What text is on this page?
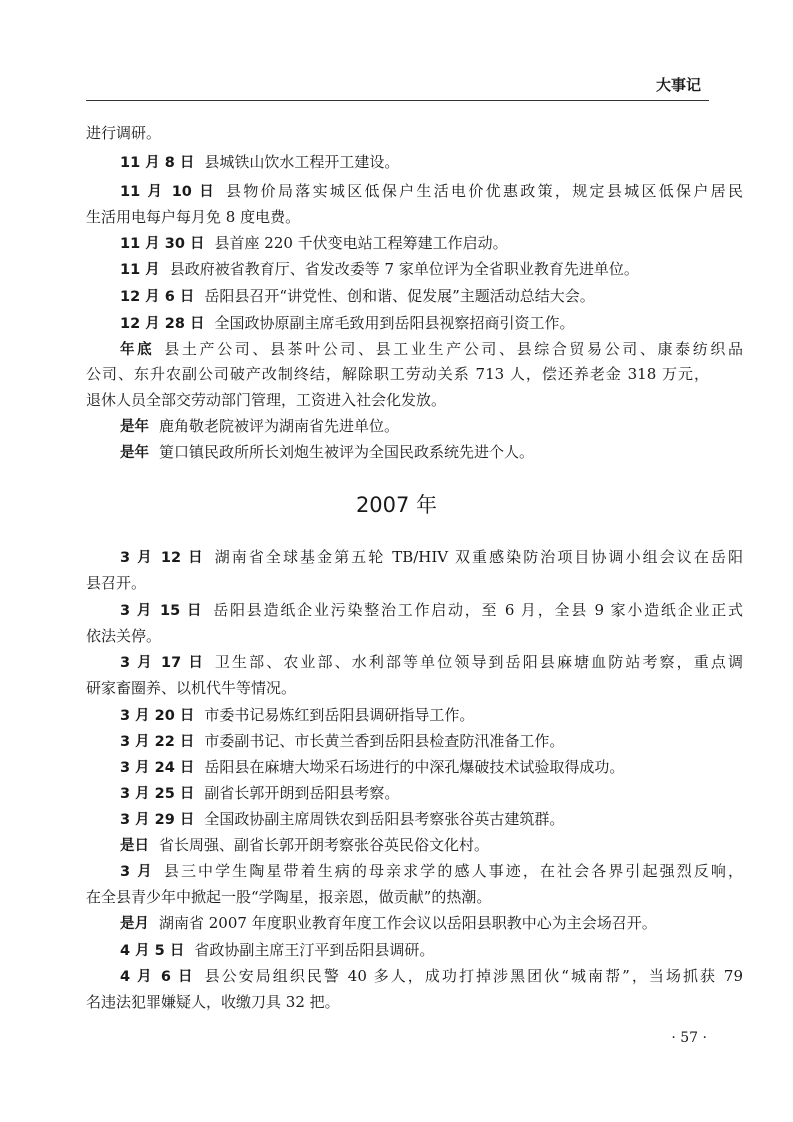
大事记
进行调研。
11 月 8 日 县城铁山饮水工程开工建设。
11 月 10 日 县物价局落实城区低保户生活电价优惠政策，规定县城区低保户居民
生活用电每户每月免 8 度电费。
11 月 30 日 县首座 220 千伏变电站工程筹建工作启动。
11 月 县政府被省教育厅、省发改委等 7 家单位评为全省职业教育先进单位。
12 月 6 日 岳阳县召开“讲党性、创和谐、促发展”主题活动总结大会。
12 月 28 日 全国政协原副主席毛致用到岳阳县视察招商引资工作。
年底 县土产公司、县茶叶公司、县工业生产公司、县综合贸易公司、康泰纺织品
公司、东升农副公司破产改制终结，解除职工劳动关系 713 人，偿还养老金 318 万元，
退休人员全部交劳动部门管理，工资进入社会化发放。
是年 鹿角敬老院被评为湖南省先进单位。
是年 筻口镇民政所所长刘炮生被评为全国民政系统先进个人。
3 月 12 日 湖南省全球基金第五轮 TB/HIV 双重感染防治项目协调小组会议在岳阳
县召开。
3 月 15 日 岳阳县造纸企业污染整治工作启动，至 6 月，全县 9 家小造纸企业正式
依法关停。
3 月 17 日 卫生部、农业部、水利部等单位领导到岳阳县麻塘血防站考察，重点调
研家畜圈养、以机代牛等情况。
3 月 20 日 市委书记易炼红到岳阳县调研指导工作。
3 月 22 日 市委副书记、市长黄兰香到岳阳县检查防汛准备工作。
3 月 24 日 岳阳县在麻塘大坳采石场进行的中深孔爆破技术试验取得成功。
3 月 25 日 副省长郭开朗到岳阳县考察。
3 月 29 日 全国政协副主席周铁农到岳阳县考察张谷英古建筑群。
是日 省长周强、副省长郭开朗考察张谷英民俗文化村。
3 月 县三中学生陶星带着生病的母亲求学的感人事迹，在社会各界引起强烈反响，
在全县青少年中掀起一股“学陶星，报亲恩，做贡献”的热潮。
是月 湖南省 2007 年度职业教育年度工作会议以岳阳县职教中心为主会场召开。
4 月 5 日 省政协副主席王汀平到岳阳县调研。
4 月 6 日 县公安局组织民警 40 多人，成功打掉涉黑团伙“城南帮”，当场抓获 79
名违法犯罪嫌疑人，收缴刀具 32 把。
2007 年
· 57 ·
